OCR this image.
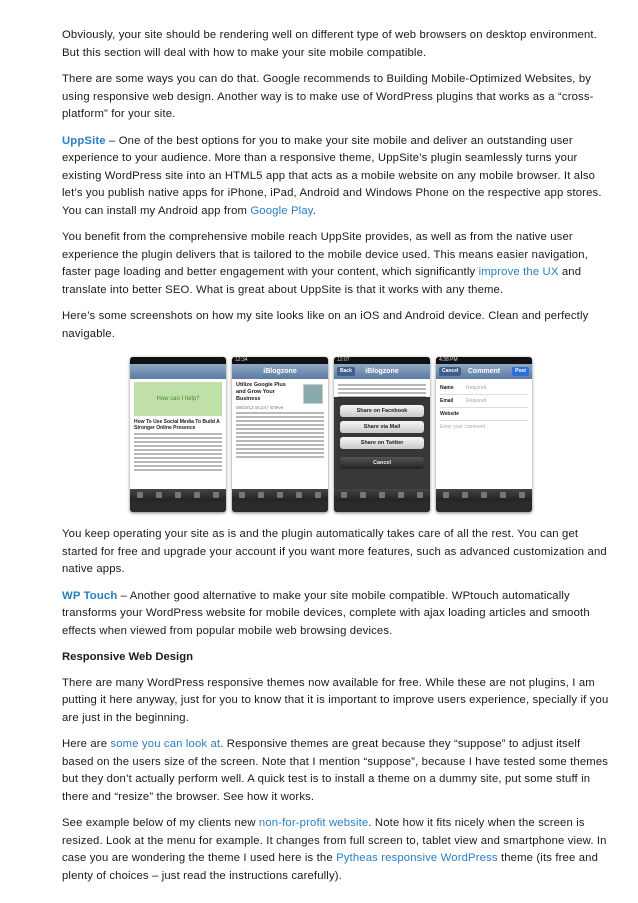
Obviously, your site should be rendering well on different type of web browsers on desktop environment. But this section will deal with how to make your site mobile compatible.

There are some ways you can do that. Google recommends to Building Mobile-Optimized Websites, by using responsive web design. Another way is to make use of WordPress plugins that works as a “cross-platform” for your site.

UppSite – One of the best options for you to make your site mobile and deliver an outstanding user experience to your audience. More than a responsive theme, UppSite’s plugin seamlessly turns your existing WordPress site into an HTML5 app that acts as a mobile website on any mobile browser. It also let’s you publish native apps for iPhone, iPad, Android and Windows Phone on the respective app stores. You can install my Android app from Google Play.

You benefit from the comprehensive mobile reach UppSite provides, as well as from the native user experience the plugin delivers that is tailored to the mobile device used. This means easier navigation, faster page loading and better engagement with your content, which significantly improve the UX and translate into better SEO. What is great about UppSite is that it works with any theme.

Here’s some screenshots on how my site looks like on an iOS and Android device. Clean and perfectly navigable.

How can I help?
How To Use Social Media To Build A Stronger Online Presence
12:34
iBlogzone
Utilize Google Plus and Grow Your Business
08/03/13 16:24 | iSTeve
12:07
Back	iBlogzone
Share on Facebook
Share via Mail
Share on Twitter
Cancel
4:38 PM
Cancel	Comment	Post
Name	Required
Email	Required
Website
Enter your comment

You keep operating your site as is and the plugin automatically takes care of all the rest. You can get started for free and upgrade your account if you want more features, such as advanced customization and native apps.

WP Touch – Another good alternative to make your site mobile compatible. WPtouch automatically transforms your WordPress website for mobile devices, complete with ajax loading articles and smooth effects when viewed from popular mobile web browsing devices.

Responsive Web Design

There are many WordPress responsive themes now available for free. While these are not plugins, I am putting it here anyway, just for you to know that it is important to improve users experience, specially if you are just in the beginning.

Here are some you can look at. Responsive themes are great because they “suppose” to adjust itself based on the users size of the screen. Note that I mention “suppose”, because I have tested some themes but they don’t actually perform well. A quick test is to install a theme on a dummy site, put some stuff in there and “resize” the browser. See how it works.

See example below of my clients new non-for-profit website. Note how it fits nicely when the screen is resized. Look at the menu for example. It changes from full screen to, tablet view and smartphone view. In case you are wondering the theme I used here is the Pytheas responsive WordPress theme (its free and plenty of choices – just read the instructions carefully).
